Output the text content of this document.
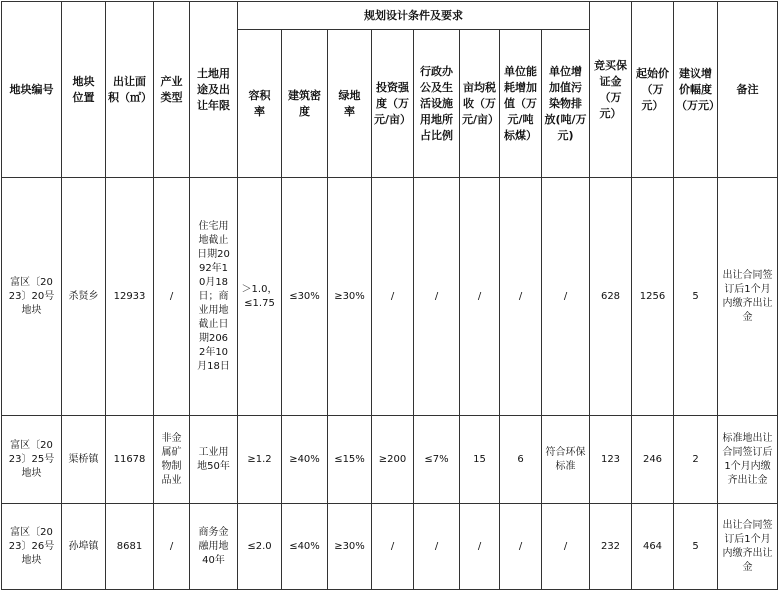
地块编号	地块位置	出让面积（㎡）	产业类型	土地用途及出让年限	规划设计条件及要求								竞买保证金（万元）	起始价（万元）	建议增价幅度（万元）	备注
					容积率	建筑密度	绿地率	投资强度（万元/亩）	行政办公及生活设施用地所占比例	亩均税收（万元/亩）	单位能耗增加值（万元/吨标煤）	单位增加值污染物排放(吨/万元)				
富区〔2023〕20号地块	杀贤乡	12933	/	住宅用地截止日期2092年10月18日；商业用地截止日期2062年10月18日	＞1.0，≤1.75	≤30%	≥30%	/	/	/	/	/	628	1256	5	出让合同签订后1个月内缴齐出让金
富区〔2023〕25号地块	渠桥镇	11678	非金属矿物制品业	工业用地50年	≥1.2	≥40%	≤15%	≥200	≤7%	15	6	符合环保标准	123	246	2	标准地出让合同签订后1个月内缴齐出让金
富区〔2023〕26号地块	孙埠镇	8681	/	商务金融用地40年	≤2.0	≤40%	≥30%	/	/	/	/	/	232	464	5	出让合同签订后1个月内缴齐出让金
